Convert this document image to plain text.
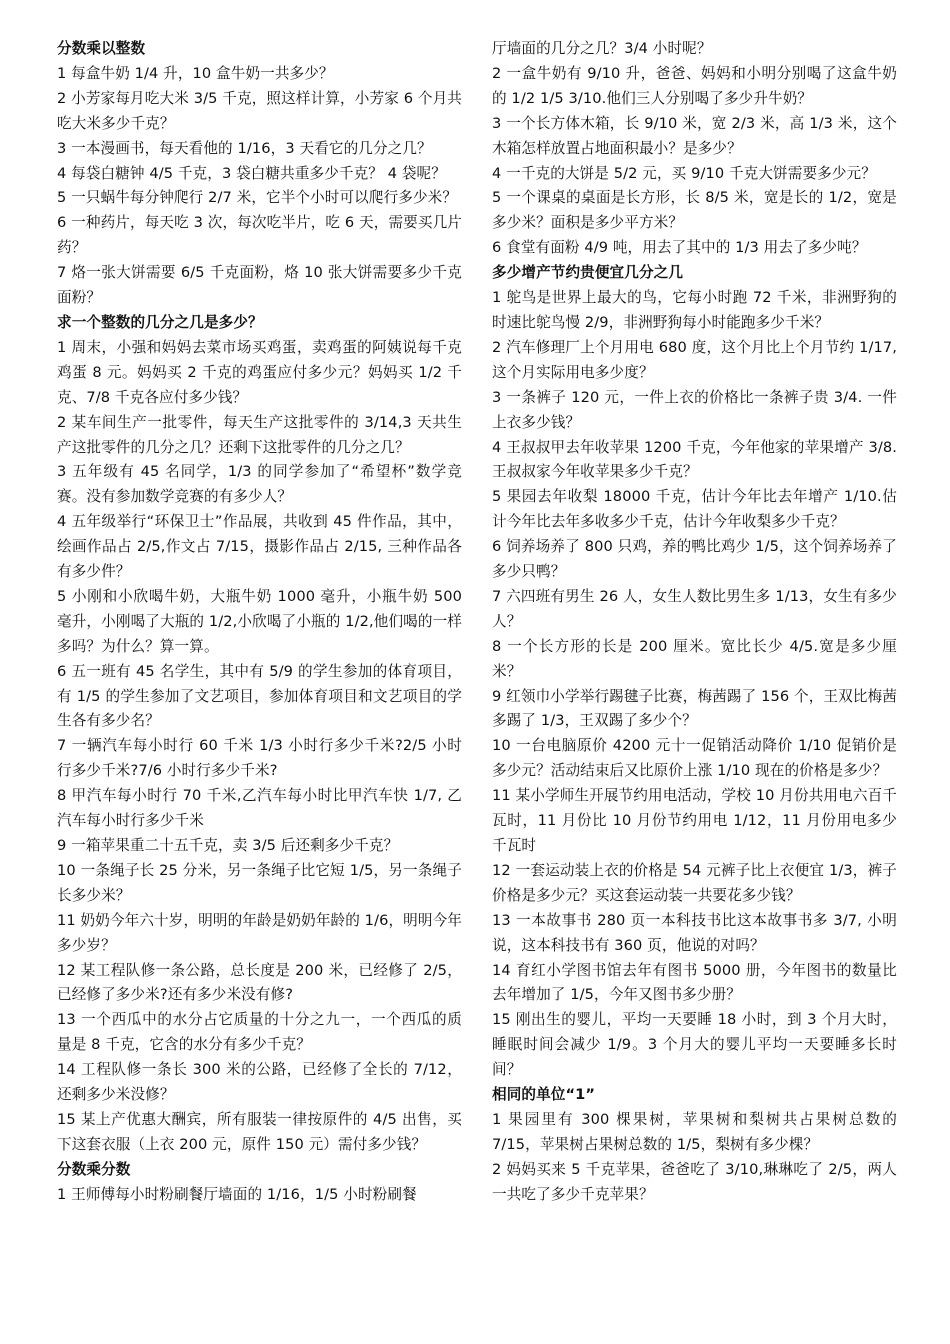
分数乘以整数

1 每盒牛奶 1/4 升，10 盒牛奶一共多少？

2 小芳家每月吃大米 3/5 千克，照这样计算，小芳家 6 个月共吃大米多少千克？

3 一本漫画书，每天看他的 1/16，3 天看它的几分之几？

4 每袋白糖钟 4/5 千克，3 袋白糖共重多少千克？ 4 袋呢？

5 一只蜗牛每分钟爬行 2/7 米，它半个小时可以爬行多少米？

6 一种药片，每天吃 3 次，每次吃半片，吃 6 天，需要买几片药？

7 烙一张大饼需要 6/5 千克面粉，烙 10 张大饼需要多少千克面粉？

求一个整数的几分之几是多少？

1 周末，小强和妈妈去菜市场买鸡蛋，卖鸡蛋的阿姨说每千克鸡蛋 8 元。妈妈买 2 千克的鸡蛋应付多少元？妈妈买 1/2 千克、7/8 千克各应付多少钱？

2 某车间生产一批零件，每天生产这批零件的 3/14,3 天共生产这批零件的几分之几？还剩下这批零件的几分之几？

3 五年级有 45 名同学，1/3 的同学参加了“希望杯”数学竞赛。没有参加数学竞赛的有多少人？

4 五年级举行“环保卫士”作品展，共收到 45 件作品，其中，绘画作品占 2/5,作文占 7/15，摄影作品占 2/15, 三种作品各有多少件？

5 小刚和小欣喝牛奶，大瓶牛奶 1000 毫升，小瓶牛奶 500 毫升，小刚喝了大瓶的 1/2,小欣喝了小瓶的 1/2,他们喝的一样多吗？为什么？算一算。

6 五一班有 45 名学生，其中有 5/9 的学生参加的体育项目，有 1/5 的学生参加了文艺项目，参加体育项目和文艺项目的学生各有多少名？

7 一辆汽车每小时行 60 千米 1/3 小时行多少千米?2/5 小时行多少千米?7/6 小时行多少千米?

8 甲汽车每小时行 70 千米,乙汽车每小时比甲汽车快 1/7, 乙汽车每小时行多少千米

9 一箱苹果重二十五千克，卖 3/5 后还剩多少千克？

10 一条绳子长 25 分米，另一条绳子比它短 1/5，另一条绳子长多少米？

11 奶奶今年六十岁，明明的年龄是奶奶年龄的 1/6，明明今年多少岁？

12 某工程队修一条公路，总长度是 200 米，已经修了 2/5，已经修了多少米?还有多少米没有修?

13 一个西瓜中的水分占它质量的十分之九一，一个西瓜的质量是 8 千克，它含的水分有多少千克？

14 工程队修一条长 300 米的公路，已经修了全长的 7/12，还剩多少米没修？

15 某上产优惠大酬宾，所有服装一律按原件的 4/5 出售，买下这套衣服（上衣 200 元，原件 150 元）需付多少钱？

分数乘分数

1 王师傅每小时粉刷餐厅墙面的 1/16，1/5 小时粉刷餐

厅墙面的几分之几？3/4 小时呢？

2 一盒牛奶有 9/10 升，爸爸、妈妈和小明分别喝了这盒牛奶的 1/2 1/5 3/10.他们三人分别喝了多少升牛奶？

3 一个长方体木箱，长 9/10 米，宽 2/3 米，高 1/3 米，这个木箱怎样放置占地面积最小？是多少？

4 一千克的大饼是 5/2 元，买 9/10 千克大饼需要多少元？

5 一个课桌的桌面是长方形，长 8/5 米，宽是长的 1/2，宽是多少米？面积是多少平方米？

6 食堂有面粉 4/9 吨，用去了其中的 1/3 用去了多少吨？

多少增产节约贵便宜几分之几

1 鸵鸟是世界上最大的鸟，它每小时跑 72 千米，非洲野狗的时速比鸵鸟慢 2/9，非洲野狗每小时能跑多少千米？

2 汽车修理厂上个月用电 680 度，这个月比上个月节约 1/17,这个月实际用电多少度？

3 一条裤子 120 元，一件上衣的价格比一条裤子贵 3/4. 一件上衣多少钱？

4 王叔叔甲去年收苹果 1200 千克，今年他家的苹果增产 3/8.王叔叔家今年收苹果多少千克？

5 果园去年收梨 18000 千克，估计今年比去年增产 1/10.估计今年比去年多收多少千克，估计今年收梨多少千克？

6 饲养场养了 800 只鸡，养的鸭比鸡少 1/5，这个饲养场养了多少只鸭？

7 六四班有男生 26 人，女生人数比男生多 1/13，女生有多少人？

8 一个长方形的长是 200 厘米。宽比长少 4/5.宽是多少厘米？

9 红领巾小学举行踢毽子比赛，梅茜踢了 156 个，王双比梅茜多踢了 1/3，王双踢了多少个？

10 一台电脑原价 4200 元十一促销活动降价 1/10 促销价是多少元？活动结束后又比原价上涨 1/10 现在的价格是多少？

11 某小学师生开展节约用电活动，学校 10 月份共用电六百千瓦时，11 月份比 10 月份节约用电 1/12，11 月份用电多少千瓦时

12 一套运动装上衣的价格是 54 元裤子比上衣便宜 1/3，裤子价格是多少元？买这套运动装一共要花多少钱？

13 一本故事书 280 页一本科技书比这本故事书多 3/7, 小明说，这本科技书有 360 页，他说的对吗？

14 育红小学图书馆去年有图书 5000 册，今年图书的数量比去年增加了 1/5，今年又图书多少册？

15 刚出生的婴儿，平均一天要睡 18 小时，到 3 个月大时，睡眠时间会减少 1/9。3 个月大的婴儿平均一天要睡多长时间？

相同的单位“1”

1 果园里有 300 棵果树，苹果树和梨树共占果树总数的 7/15，苹果树占果树总数的 1/5，梨树有多少棵？

2 妈妈买来 5 千克苹果，爸爸吃了 3/10,琳琳吃了 2/5，两人一共吃了多少千克苹果？
